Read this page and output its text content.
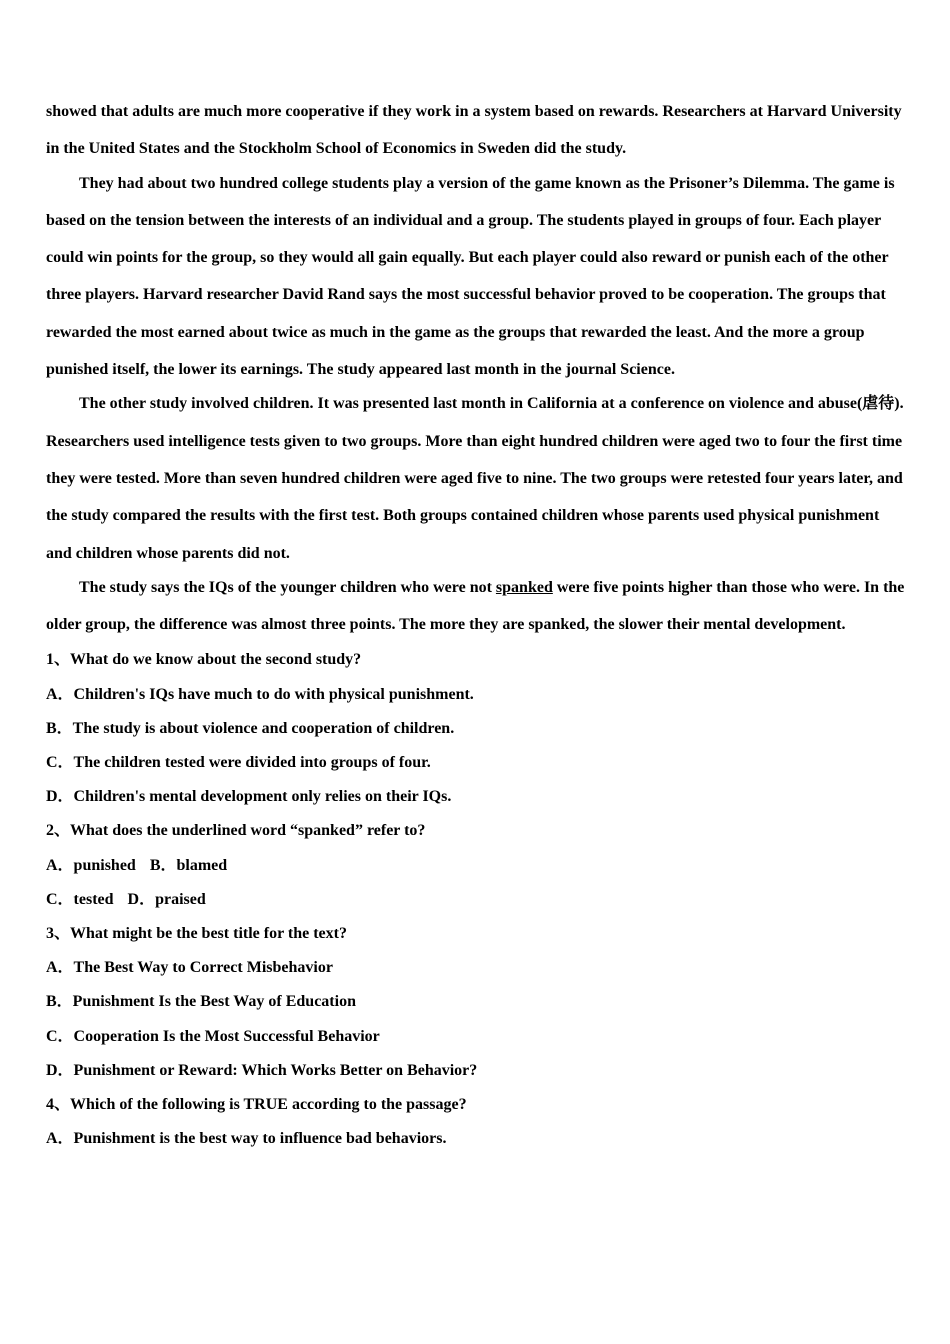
showed that adults are much more cooperative if they work in a system based on rewards. Researchers at Harvard University in the United States and the Stockholm School of Economics in Sweden did the study.

They had about two hundred college students play a version of the game known as the Prisoner’s Dilemma. The game is based on the tension between the interests of an individual and a group. The students played in groups of four. Each player could win points for the group, so they would all gain equally. But each player could also reward or punish each of the other three players. Harvard researcher David Rand says the most successful behavior proved to be cooperation. The groups that rewarded the most earned about twice as much in the game as the groups that rewarded the least. And the more a group punished itself, the lower its earnings. The study appeared last month in the journal Science.

The other study involved children. It was presented last month in California at a conference on violence and abuse(虐待). Researchers used intelligence tests given to two groups. More than eight hundred children were aged two to four the first time they were tested. More than seven hundred children were aged five to nine. The two groups were retested four years later, and the study compared the results with the first test. Both groups contained children whose parents used physical punishment and children whose parents did not.

The study says the IQs of the younger children who were not spanked were five points higher than those who were. In the older group, the difference was almost three points. The more they are spanked, the slower their mental development.

1、What do we know about the second study?

A．Children's IQs have much to do with physical punishment.

B．The study is about violence and cooperation of children.

C．The children tested were divided into groups of four.

D．Children's mental development only relies on their IQs.

2、What does the underlined word “spanked” refer to?

A．punished B．blamed

C．tested D．praised

3、What might be the best title for the text?

A．The Best Way to Correct Misbehavior

B．Punishment Is the Best Way of Education

C．Cooperation Is the Most Successful Behavior

D．Punishment or Reward: Which Works Better on Behavior?

4、Which of the following is TRUE according to the passage?

A．Punishment is the best way to influence bad behaviors.
